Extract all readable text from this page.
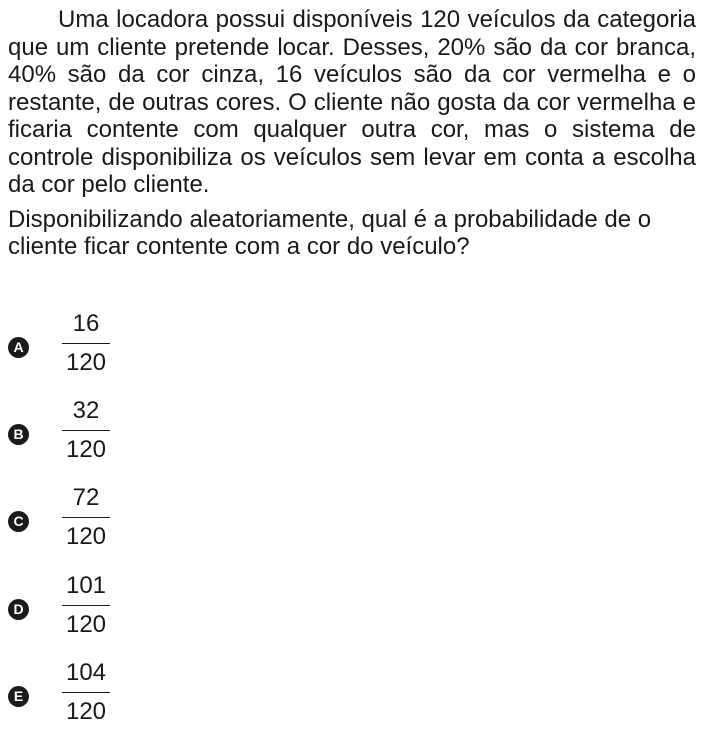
Uma locadora possui disponíveis 120 veículos da categoria que um cliente pretende locar. Desses, 20% são da cor branca, 40% são da cor cinza, 16 veículos são da cor vermelha e o restante, de outras cores. O cliente não gosta da cor vermelha e ficaria contente com qualquer outra cor, mas o sistema de controle disponibiliza os veículos sem levar em conta a escolha da cor pelo cliente.

Disponibilizando aleatoriamente, qual é a probabilidade de o cliente ficar contente com a cor do veículo?

A
16
120
B
32
120
C
72
120
D
101
120
E
104
120
